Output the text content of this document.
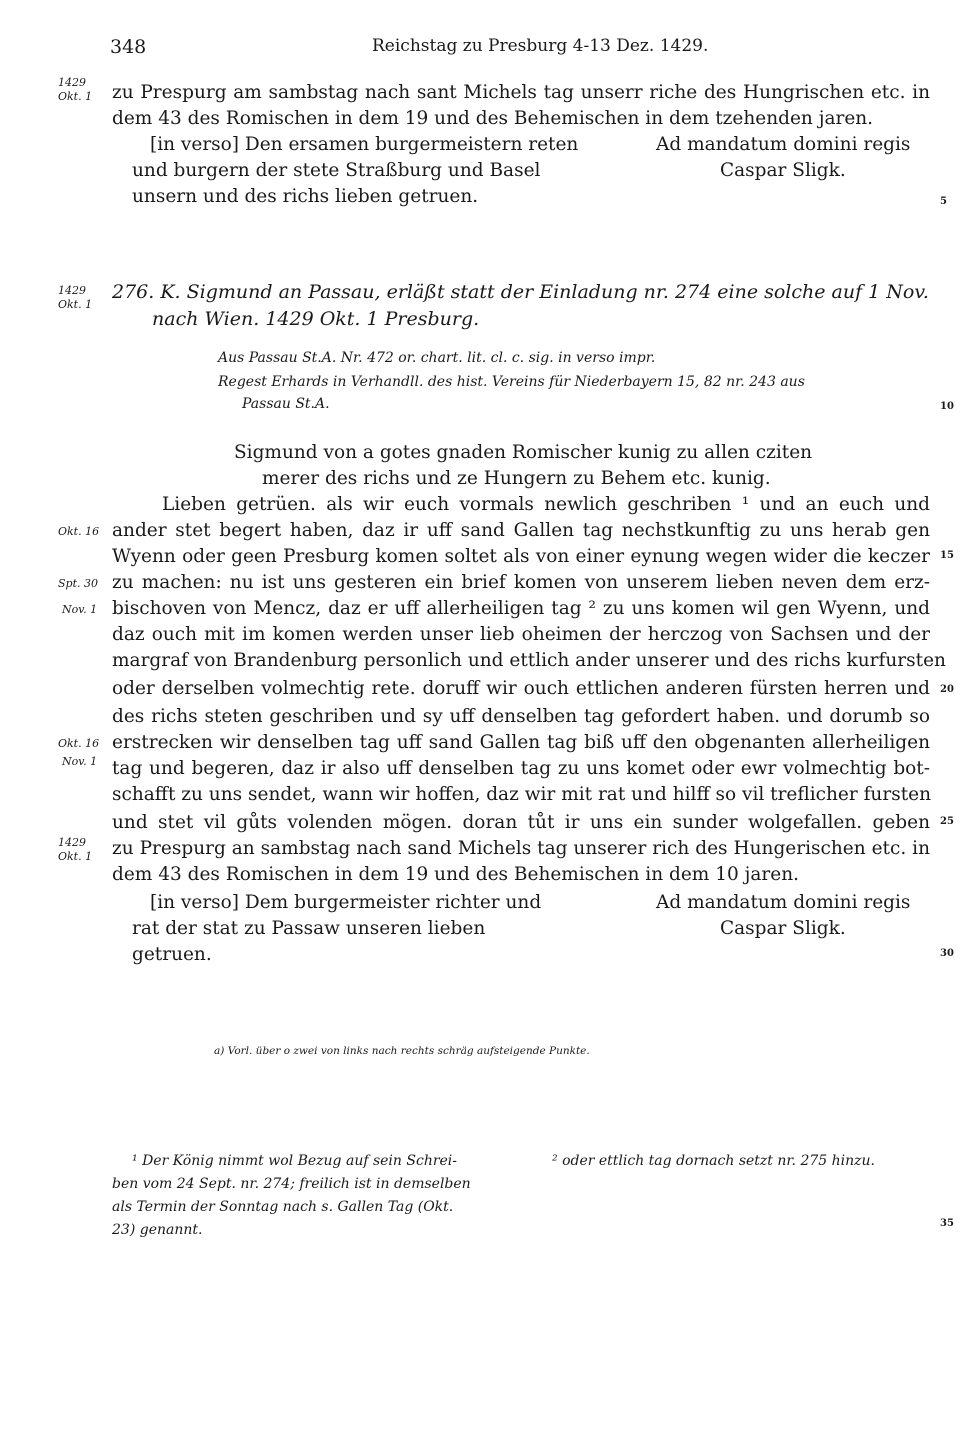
348	Reichstag zu Presburg 4-13 Dez. 1429.
1429
Okt. 1 zu Prespurg am sambstag nach sant Michels tag unserr riche des Hungrischen etc. in
dem 43 des Romischen in dem 19 und des Behemischen in dem tzehenden jaren.
[in verso] Den ersamen burgermeistern reten
und burgern der stete Straßburg und Basel
unsern und des richs lieben getruen.
Ad mandatum domini regis
Caspar Sligk.
5
1429
Okt. 1
276. K. Sigmund an Passau, erläßt statt der Einladung nr. 274 eine solche auf 1 Nov.
nach Wien. 1429 Okt. 1 Presburg.
Aus Passau St.A. Nr. 472 or. chart. lit. cl. c. sig. in verso impr.
Regest Erhards in Verhandll. des hist. Vereins für Niederbayern 15, 82 nr. 243 aus
Passau St.A.	10
Sigmund von a gotes gnaden Romischer kunig zu allen cziten
merer des richs und ze Hungern zu Behem etc. kunig.
Lieben getrüen. als wir euch vormals newlich geschriben ¹ und an euch und
ander stet begert haben, daz ir uff sand Gallen tag nechstkunftig zu uns herab gen
Wyenn oder geen Presburg komen soltet als von einer eynung wegen wider die keczer
zu machen: nu ist uns gesteren ein brief komen von unserem lieben neven dem erz-
bischoven von Mencz, daz er uff allerheiligen tag ² zu uns komen wil gen Wyenn, und
daz ouch mit im komen werden unser lieb oheimen der herczog von Sachsen und der
margraf von Brandenburg personlich und ettlich ander unserer und des richs kurfursten
oder derselben volmechtig rete. doruff wir ouch ettlichen anderen fürsten herren und
des richs steten geschriben und sy uff denselben tag gefordert haben. und dorumb so
erstrecken wir denselben tag uff sand Gallen tag biß uff den obgenanten allerheiligen
tag und begeren, daz ir also uff denselben tag zu uns komet oder ewr volmechtig bot-
schafft zu uns sendet, wann wir hoffen, daz wir mit rat und hilff so vil treflicher fursten
und stet vil gůts volenden mögen. doran tůt ir uns ein sunder wolgefallen. geben
zu Prespurg an sambstag nach sand Michels tag unserer rich des Hungerischen etc. in
dem 43 des Romischen in dem 19 und des Behemischen in dem 10 jaren.
Okt. 16
Spt. 30
Nov. 1
Okt. 16
Nov. 1
1429
Okt. 1
15
20
25
[in verso] Dem burgermeister richter und
rat der stat zu Passaw unseren lieben
getruen.
Ad mandatum domini regis
Caspar Sligk.
30
a) Vorl. über o zwei von links nach rechts schräg aufsteigende Punkte.
¹ Der König nimmt wol Bezug auf sein Schrei-
ben vom 24 Sept. nr. 274; freilich ist in demselben
als Termin der Sonntag nach s. Gallen Tag (Okt.
23) genannt.
² oder ettlich tag dornach setzt nr. 275 hinzu.
35
